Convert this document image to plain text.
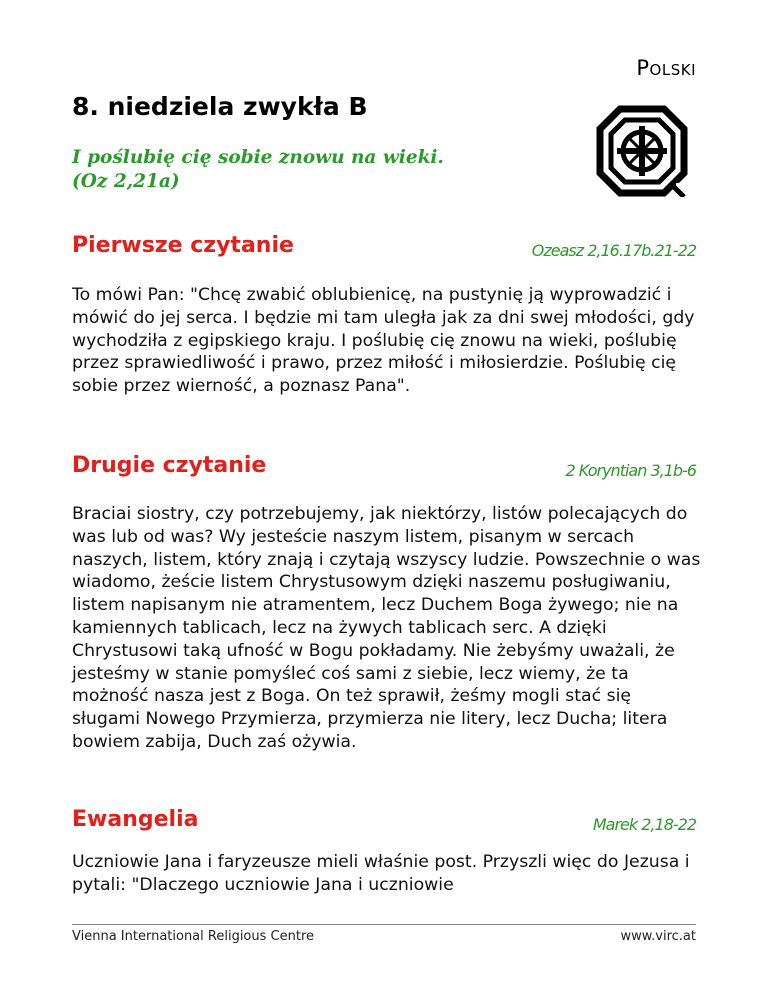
Polski
8. niedziela zwykła B
I poślubię cię sobie znowu na wieki.
(Oz 2,21a)
Pierwsze czytanie	Ozeasz 2,16.17b.21-22

To mówi Pan: "Chcę zwabić oblubienicę, na pustynię ją wyprowadzić i mówić do jej serca. I będzie mi tam uległa jak za dni swej młodości, gdy wychodziła z egipskiego kraju. I poślubię cię znowu na wieki, poślubię przez sprawiedliwość i prawo, przez miłość i miłosierdzie. Poślubię cię sobie przez wierność, a poznasz Pana".

Drugie czytanie	2 Koryntian 3,1b-6

Braciai siostry, czy potrzebujemy, jak niektórzy, listów polecających do was lub od was? Wy jesteście naszym listem, pisanym w sercach naszych, listem, który znają i czytają wszyscy ludzie. Powszechnie o was wiadomo, żeście listem Chrystusowym dzięki naszemu posługiwaniu, listem napisanym nie atramentem, lecz Duchem Boga żywego; nie na kamiennych tablicach, lecz na żywych tablicach serc. A dzięki Chrystusowi taką ufność w Bogu pokładamy. Nie żebyśmy uważali, że jesteśmy w stanie pomyśleć coś sami z siebie, lecz wiemy, że ta możność nasza jest z Boga. On też sprawił, żeśmy mogli stać się sługami Nowego Przymierza, przymierza nie litery, lecz Ducha; litera bowiem zabija, Duch zaś ożywia.

Ewangelia	Marek 2,18-22

Uczniowie Jana i faryzeusze mieli właśnie post. Przyszli więc do Jezusa i pytali: "Dlaczego uczniowie Jana i uczniowie

Vienna International Religious Centre	www.virc.at
